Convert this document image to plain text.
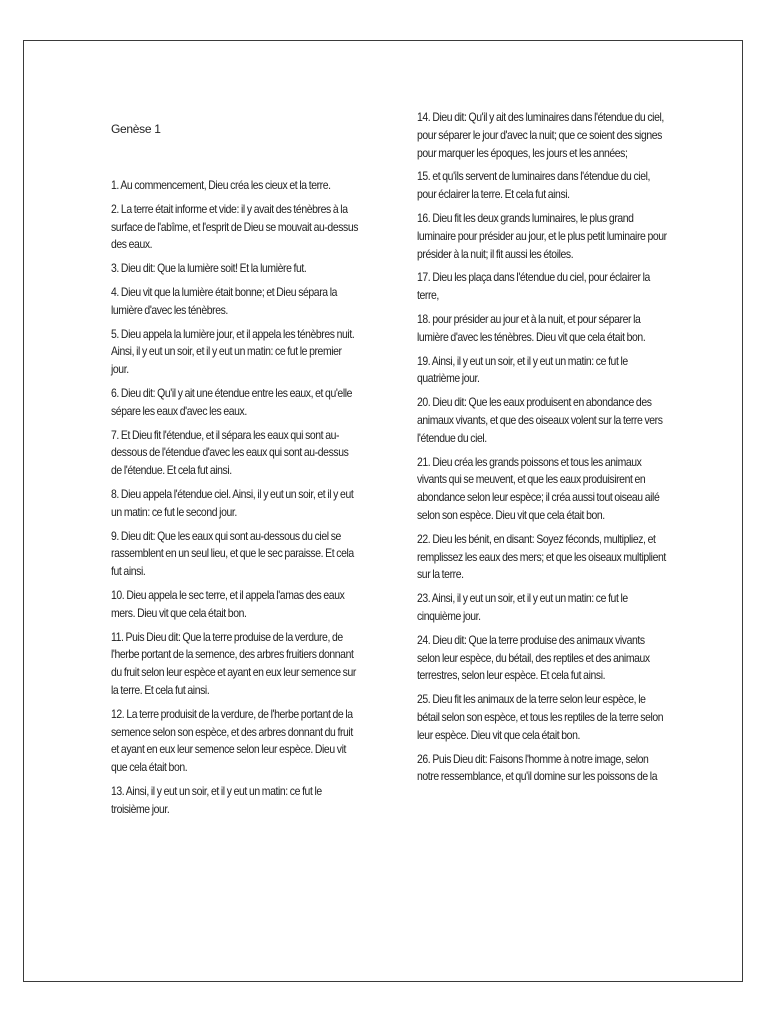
Genèse 1

1. Au commencement, Dieu créa les cieux et la terre.

2. La terre était informe et vide: il y avait des ténèbres à la surface de l'abîme, et l'esprit de Dieu se mouvait au-dessus des eaux.

3. Dieu dit: Que la lumière soit! Et la lumière fut.

4. Dieu vit que la lumière était bonne; et Dieu sépara la lumière d'avec les ténèbres.

5. Dieu appela la lumière jour, et il appela les ténèbres nuit. Ainsi, il y eut un soir, et il y eut un matin: ce fut le premier jour.

6. Dieu dit: Qu'il y ait une étendue entre les eaux, et qu'elle sépare les eaux d'avec les eaux.

7. Et Dieu fit l'étendue, et il sépara les eaux qui sont au-dessous de l'étendue d'avec les eaux qui sont au-dessus de l'étendue. Et cela fut ainsi.

8. Dieu appela l'étendue ciel. Ainsi, il y eut un soir, et il y eut un matin: ce fut le second jour.

9. Dieu dit: Que les eaux qui sont au-dessous du ciel se rassemblent en un seul lieu, et que le sec paraisse. Et cela fut ainsi.

10. Dieu appela le sec terre, et il appela l'amas des eaux mers. Dieu vit que cela était bon.

11. Puis Dieu dit: Que la terre produise de la verdure, de l'herbe portant de la semence, des arbres fruitiers donnant du fruit selon leur espèce et ayant en eux leur semence sur la terre. Et cela fut ainsi.

12. La terre produisit de la verdure, de l'herbe portant de la semence selon son espèce, et des arbres donnant du fruit et ayant en eux leur semence selon leur espèce. Dieu vit que cela était bon.

13. Ainsi, il y eut un soir, et il y eut un matin: ce fut le troisième jour.

14. Dieu dit: Qu'il y ait des luminaires dans l'étendue du ciel, pour séparer le jour d'avec la nuit; que ce soient des signes pour marquer les époques, les jours et les années;

15. et qu'ils servent de luminaires dans l'étendue du ciel, pour éclairer la terre. Et cela fut ainsi.

16. Dieu fit les deux grands luminaires, le plus grand luminaire pour présider au jour, et le plus petit luminaire pour présider à la nuit; il fit aussi les étoiles.

17. Dieu les plaça dans l'étendue du ciel, pour éclairer la terre,

18. pour présider au jour et à la nuit, et pour séparer la lumière d'avec les ténèbres. Dieu vit que cela était bon.

19. Ainsi, il y eut un soir, et il y eut un matin: ce fut le quatrième jour.

20. Dieu dit: Que les eaux produisent en abondance des animaux vivants, et que des oiseaux volent sur la terre vers l'étendue du ciel.

21. Dieu créa les grands poissons et tous les animaux vivants qui se meuvent, et que les eaux produisirent en abondance selon leur espèce; il créa aussi tout oiseau ailé selon son espèce. Dieu vit que cela était bon.

22. Dieu les bénit, en disant: Soyez féconds, multipliez, et remplissez les eaux des mers; et que les oiseaux multiplient sur la terre.

23. Ainsi, il y eut un soir, et il y eut un matin: ce fut le cinquième jour.

24. Dieu dit: Que la terre produise des animaux vivants selon leur espèce, du bétail, des reptiles et des animaux terrestres, selon leur espèce. Et cela fut ainsi.

25. Dieu fit les animaux de la terre selon leur espèce, le bétail selon son espèce, et tous les reptiles de la terre selon leur espèce. Dieu vit que cela était bon.

26. Puis Dieu dit: Faisons l'homme à notre image, selon notre ressemblance, et qu'il domine sur les poissons de la
